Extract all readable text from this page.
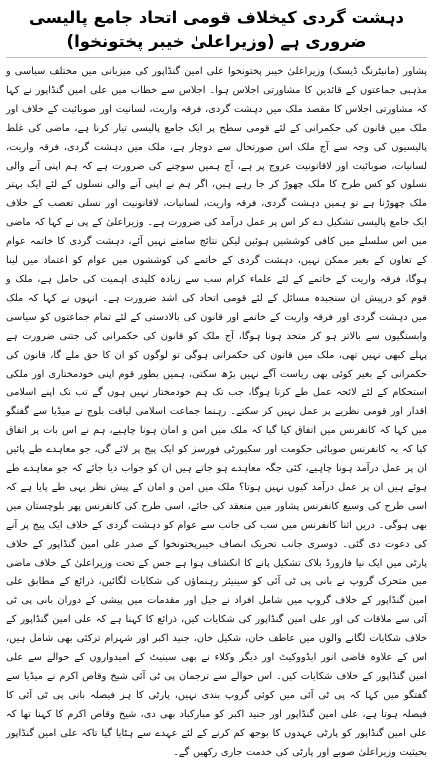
دہشت گردی کیخلاف قومی اتحاد جامع پالیسی ضروری ہے (وزیراعلیٰ خیبر پختونخوا)

پشاور (مانیٹرنگ ڈیسک) وزیراعلیٰ خیبر پختونخوا علی امین گنڈاپور کی میزبانی میں مختلف سیاسی و مذہبی جماعتوں کے قائدین کا مشاورتی اجلاس ہوا۔ اجلاس سے خطاب میں علی امین گنڈاپور نے کہا کہ مشاورتی اجلاس کا مقصد ملک میں دہشت گردی، فرقہ واریت، لسانیت اور صوبائیت کے خلاف اور ملک میں قانون کی حکمرانی کے لئے قومی سطح پر ایک جامع پالیسی تیار کرنا ہے، ماضی کی غلط پالیسیوں کی وجہ سے آج ملک اس صورتحال سے دوچار ہے، ملک میں دہشت گردی، فرقہ واریت، لسانیات، صوبائیت اور لاقانونیت عروج پر ہے، آج ہمیں سوچنے کی ضرورت ہے کہ ہم اپنی آنے والی نسلوں کو کس طرح کا ملک چھوڑ کر جا رہے ہیں، اگر ہم نے اپنی آنے والی نسلوں کے لئے ایک بہتر ملک چھوڑنا ہے تو ہمیں دہشت گردی، فرقہ واریت، لسانیات، لاقانونیت اور نسلی تعصب کے خلاف ایک جامع پالیسی تشکیل دے کر اس پر عمل درآمد کی ضرورت ہے۔ وزیراعلیٰ کے پی نے کہا کہ ماضی میں اس سلسلے میں کافی کوششیں ہوئیں لیکن نتائج سامنے نہیں آئے، دہشت گردی کا خاتمہ عوام کے تعاون کے بغیر ممکن نہیں، دہشت گردی کے خاتمے کی کوششوں میں عوام کو اعتماد میں لینا ہوگا، فرقہ واریت کے خاتمے کے لئے علماء کرام سب سے زیادہ کلیدی اہمیت کی حامل ہے، ملک و قوم کو درپیش ان سنجیدہ مسائل کے لئے قومی اتحاد کی اشد ضرورت ہے۔ انہوں نے کہا کہ ملک میں دہشت گردی اور فرقہ واریت کے خاتمے اور قانون کی بالادستی کے لئے تمام جماعتوں کو سیاسی وابستگیوں سے بالاتر ہو کر متحد ہونا ہوگا، آج ملک کو قانون کی حکمرانی کی جتنی ضرورت ہے پہلے کبھی نہیں تھی، ملک میں قانون کی حکمرانی ہوگی تو لوگوں کو ان کا حق ملے گا، قانون کی حکمرانی کے بغیر کوئی بھی ریاست آگے نہیں بڑھ سکتی، ہمیں بطور قوم اپنی خودمختاری اور ملکی استحکام کے لئے لائحہ عمل طے کرنا ہوگا، جب تک ہم خودمختار نہیں ہوں گے تب تک اپنے اسلامی اقدار اور قومی نظریے پر عمل نہیں کر سکتے۔ رہنما جماعت اسلامی لیاقت بلوچ نے میڈیا سے گفتگو میں کہا کہ کانفرنس میں اتفاق کیا گیا کہ ملک میں امن و امان ہونا چاہیے، ہم نے اس بات پر اتفاق کیا کہ یہ کانفرنس صوبائی حکومت اور سکیورٹی فورسز کو ایک پیج پر لائے گی، جو معاہدے طے پائیں ان پر عمل درآمد ہونا چاہیے، کئی جگہ معاہدے ہو جاتے ہیں ان کو جواب دیا جائے کہ جو معاہدے طے ہوئے ہیں ان پر عمل درآمد کیوں نہیں ہوتا؟ ملک میں امن و امان کے پیش نظر یہی طے پایا ہے کہ اسی طرح کی وسیع کانفرنس پشاور میں منعقد کی جائے، اسی طرح کی کانفرنس پھر بلوچستان میں بھی ہوگی۔ دریں اثنا کانفرنس میں سب کی جانب سے عوام کو دہشت گردی کے خلاف ایک پیج پر آنے کی دعوت دی گئی۔ دوسری جانب تحریک انصاف خیبرپختونخوا کے صدر علی امین گنڈاپور کے خلاف پارٹی میں ایک نیا فارورڈ بلاک تشکیل پانے کا انکشاف ہوا ہے جس کے تحت وزیراعلیٰ کے خلاف ماضی میں متحرک گروپ نے بانی پی ٹی آئی کو سینیئر رہنماؤں کی شکایات لگائیں، ذرائع کے مطابق علی امین گنڈاپور کے خلاف گروپ میں شامل افراد نے جیل اور مقدمات میں پیشی کے دوران بانی پی ٹی آئی سے ملاقات کی اور علی امین گنڈاپور کی شکایات کیں، ذرائع کا کہنا ہے کہ علی امین گنڈاپور کے خلاف شکایات لگانے والوں میں عاطف خان، شکیل خان، جنید اکبر اور شہرام ترکئی بھی شامل ہیں، اس کے علاوہ قاضی انور ایڈووکیٹ اور دیگر وکلاء نے بھی سینیٹ کے امیدواروں کے حوالے سے علی امین گنڈاپور کے خلاف شکایات کیں۔ اس حوالے سے ترجمان پی ٹی آئی شیخ وقاص اکرم نے میڈیا سے گفتگو میں کہا کہ پی ٹی آئی میں کوئی گروپ بندی نہیں، پارٹی کا ہر فیصلہ بانی پی ٹی آئی کا فیصلہ ہوتا ہے، علی امین گنڈاپور اور جنید اکبر کو مبارکباد بھی دی، شیخ وقاص اکرم کا کہنا تھا کہ علی امین گنڈاپور کو پارٹی عہدوں کا بوجھ کم کرنے کے لئے عہدے سے ہٹایا گیا تاکہ علی امین گنڈاپور بحیثیت وزیراعلیٰ صوبے اور پارٹی کی خدمت جاری رکھیں گے۔
